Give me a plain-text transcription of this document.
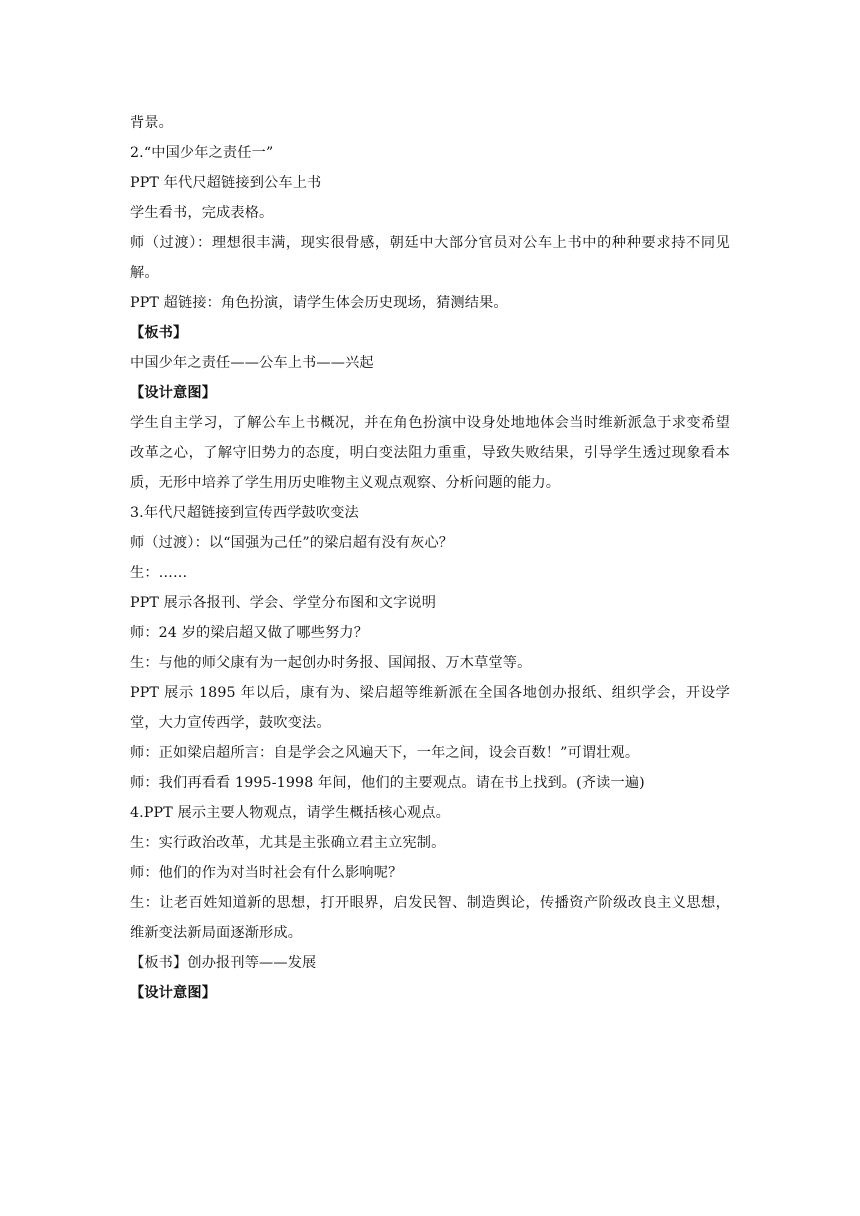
背景。
2.“中国少年之责任一”
PPT 年代尺超链接到公车上书
学生看书，完成表格。
师（过渡）：理想很丰满，现实很骨感，朝廷中大部分官员对公车上书中的种种要求持不同见解。
PPT 超链接：角色扮演，请学生体会历史现场，猜测结果。
【板书】
中国少年之责任——公车上书——兴起
【设计意图】
学生自主学习，了解公车上书概况，并在角色扮演中设身处地地体会当时维新派急于求变希望改革之心，了解守旧势力的态度，明白变法阻力重重，导致失败结果，引导学生透过现象看本质，无形中培养了学生用历史唯物主义观点观察、分析问题的能力。
3.年代尺超链接到宣传西学鼓吹变法
师（过渡）：以“国强为己任”的梁启超有没有灰心？
生：……
PPT 展示各报刊、学会、学堂分布图和文字说明
师：24 岁的梁启超又做了哪些努力？
生：与他的师父康有为一起创办时务报、国闻报、万木草堂等。
PPT 展示 1895 年以后，康有为、梁启超等维新派在全国各地创办报纸、组织学会，开设学堂，大力宣传西学，鼓吹变法。
师：正如梁启超所言：自是学会之风遍天下，一年之间，设会百数！”可谓壮观。
师：我们再看看 1995-1998 年间，他们的主要观点。请在书上找到。(齐读一遍)
4.PPT 展示主要人物观点，请学生概括核心观点。
生：实行政治改革，尤其是主张确立君主立宪制。
师：他们的作为对当时社会有什么影响呢？
生：让老百姓知道新的思想，打开眼界，启发民智、制造舆论，传播资产阶级改良主义思想，维新变法新局面逐渐形成。
【板书】创办报刊等——发展
【设计意图】
